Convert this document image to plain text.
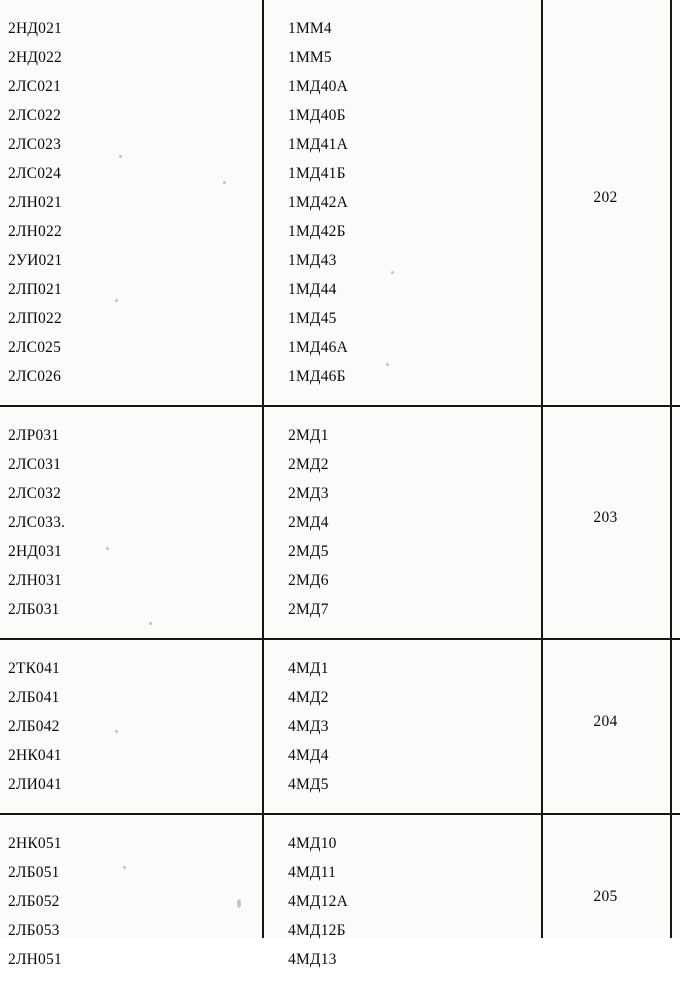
2НД021	1ММ4
2НД022	1ММ5
2ЛС021	1МД40А
2ЛС022	1МД40Б
2ЛС023	1МД41А
2ЛС024	1МД41Б
2ЛН021	1МД42А
2ЛН022	1МД42Б
2УИ021	1МД43
2ЛП021	1МД44
2ЛП022	1МД45
2ЛС025	1МД46А
2ЛС026	1МД46Б
202
2ЛР031	2МД1
2ЛС031	2МД2
2ЛС032	2МД3
2ЛС033.	2МД4
2НД031	2МД5
2ЛН031	2МД6
2ЛБ031	2МД7
203
2ТК041	4МД1
2ЛБ041	4МД2
2ЛБ042	4МД3
2НК041	4МД4
2ЛИ041	4МД5
204
2НК051	4МД10
2ЛБ051	4МД11
2ЛБ052	4МД12А
2ЛБ053	4МД12Б
2ЛН051	4МД13
205
